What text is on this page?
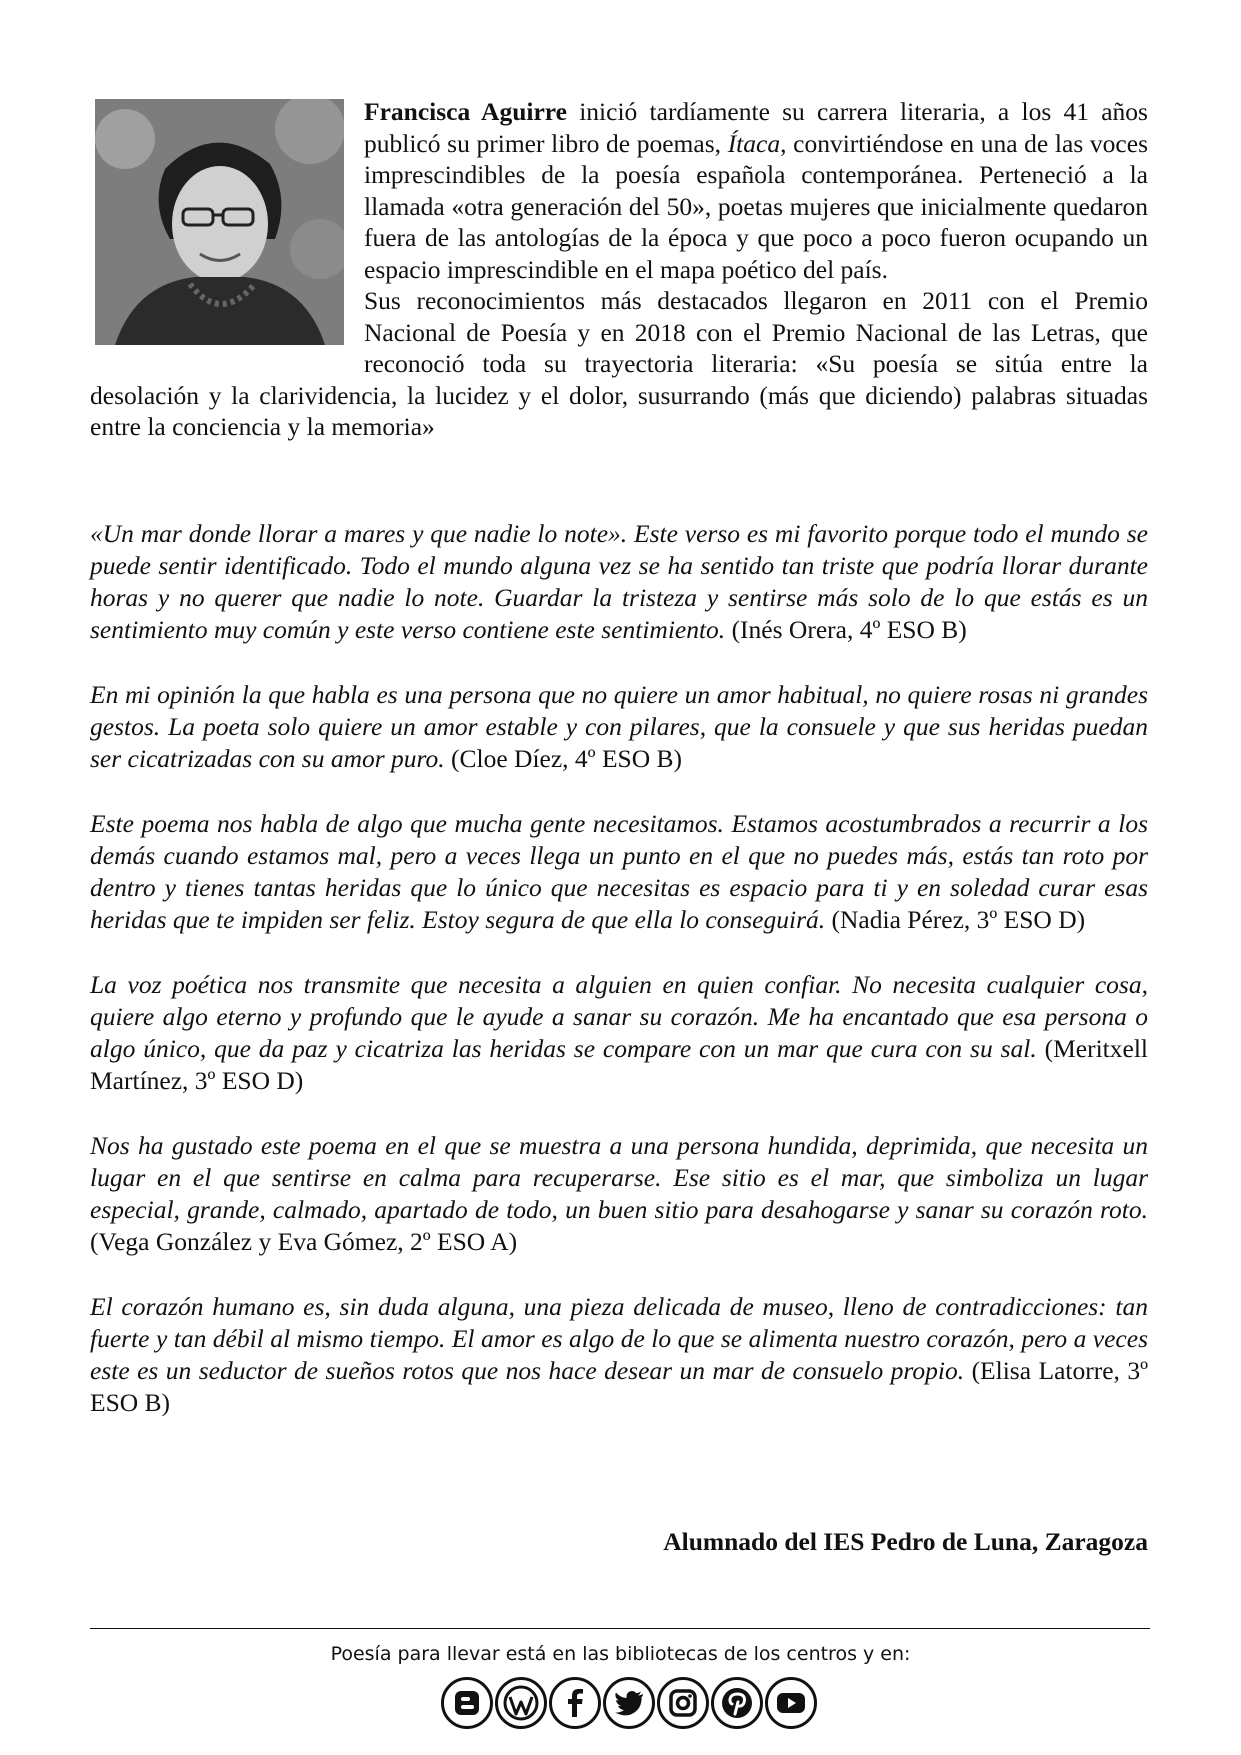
Francisca Aguirre inició tardíamente su carrera literaria, a los 41 años publicó su primer libro de poemas, Ítaca, convirtiéndose en una de las voces imprescindibles de la poesía española contemporánea. Perteneció a la llamada «otra generación del 50», poetas mujeres que inicialmente quedaron fuera de las antologías de la época y que poco a poco fueron ocupando un espacio imprescindible en el mapa poético del país.

Sus reconocimientos más destacados llegaron en 2011 con el Premio Nacional de Poesía y en 2018 con el Premio Nacional de las Letras, que reconoció toda su trayectoria literaria: «Su poesía se sitúa entre la desolación y la clarividencia, la lucidez y el dolor, susurrando (más que diciendo) palabras situadas entre la conciencia y la memoria»

«Un mar donde llorar a mares y que nadie lo note». Este verso es mi favorito porque todo el mundo se puede sentir identificado. Todo el mundo alguna vez se ha sentido tan triste que podría llorar durante horas y no querer que nadie lo note. Guardar la tristeza y sentirse más solo de lo que estás es un sentimiento muy común y este verso contiene este sentimiento. (Inés Orera, 4º ESO B)

En mi opinión la que habla es una persona que no quiere un amor habitual, no quiere rosas ni grandes gestos. La poeta solo quiere un amor estable y con pilares, que la consuele y que sus heridas puedan ser cicatrizadas con su amor puro. (Cloe Díez, 4º ESO B)

Este poema nos habla de algo que mucha gente necesitamos. Estamos acostumbrados a recurrir a los demás cuando estamos mal, pero a veces llega un punto en el que no puedes más, estás tan roto por dentro y tienes tantas heridas que lo único que necesitas es espacio para ti y en soledad curar esas heridas que te impiden ser feliz. Estoy segura de que ella lo conseguirá. (Nadia Pérez, 3º ESO D)

La voz poética nos transmite que necesita a alguien en quien confiar. No necesita cualquier cosa, quiere algo eterno y profundo que le ayude a sanar su corazón. Me ha encantado que esa persona o algo único, que da paz y cicatriza las heridas se compare con un mar que cura con su sal. (Meritxell Martínez, 3º ESO D)

Nos ha gustado este poema en el que se muestra a una persona hundida, deprimida, que necesita un lugar en el que sentirse en calma para recuperarse. Ese sitio es el mar, que simboliza un lugar especial, grande, calmado, apartado de todo, un buen sitio para desahogarse y sanar su corazón roto. (Vega González y Eva Gómez, 2º ESO A)

El corazón humano es, sin duda alguna, una pieza delicada de museo, lleno de contradicciones: tan fuerte y tan débil al mismo tiempo. El amor es algo de lo que se alimenta nuestro corazón, pero a veces este es un seductor de sueños rotos que nos hace desear un mar de consuelo propio. (Elisa Latorre, 3º ESO B)

Alumnado del IES Pedro de Luna, Zaragoza
Poesía para llevar está en las bibliotecas de los centros y en:
